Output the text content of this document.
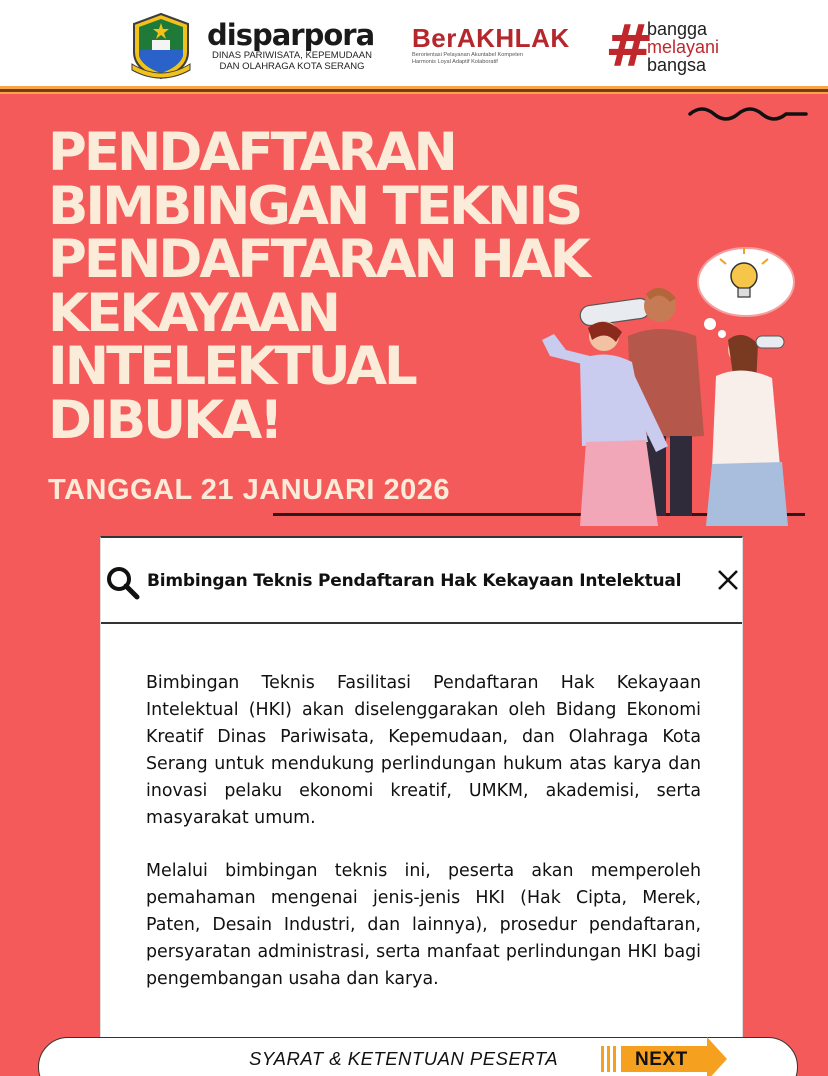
disparpora
DINAS PARIWISATA, KEPEMUDAAN
DAN OLAHRAGA KOTA SERANG
BerAKHLAK
Berorientasi Pelayanan Akuntabel Kompeten
Harmonis Loyal Adaptif Kolaboratif	#
bangga
melayani
bangsa
PENDAFTARAN
BIMBINGAN TEKNIS
PENDAFTARAN HAK
KEKAYAAN
INTELEKTUAL
DIBUKA!
TANGGAL 21 JANUARI 2026
Bimbingan Teknis Pendaftaran Hak Kekayaan Intelektual
Bimbingan Teknis Fasilitasi Pendaftaran Hak Kekayaan Intelektual (HKI) akan diselenggarakan oleh Bidang Ekonomi Kreatif Dinas Pariwisata, Kepemudaan, dan Olahraga Kota Serang untuk mendukung perlindungan hukum atas karya dan inovasi pelaku ekonomi kreatif, UMKM, akademisi, serta masyarakat umum.
Melalui bimbingan teknis ini, peserta akan memperoleh pemahaman mengenai jenis-jenis HKI (Hak Cipta, Merek, Paten, Desain Industri, dan lainnya), prosedur pendaftaran, persyaratan administrasi, serta manfaat perlindungan HKI bagi pengembangan usaha dan karya.
SYARAT & KETENTUAN PESERTA	NEXT
